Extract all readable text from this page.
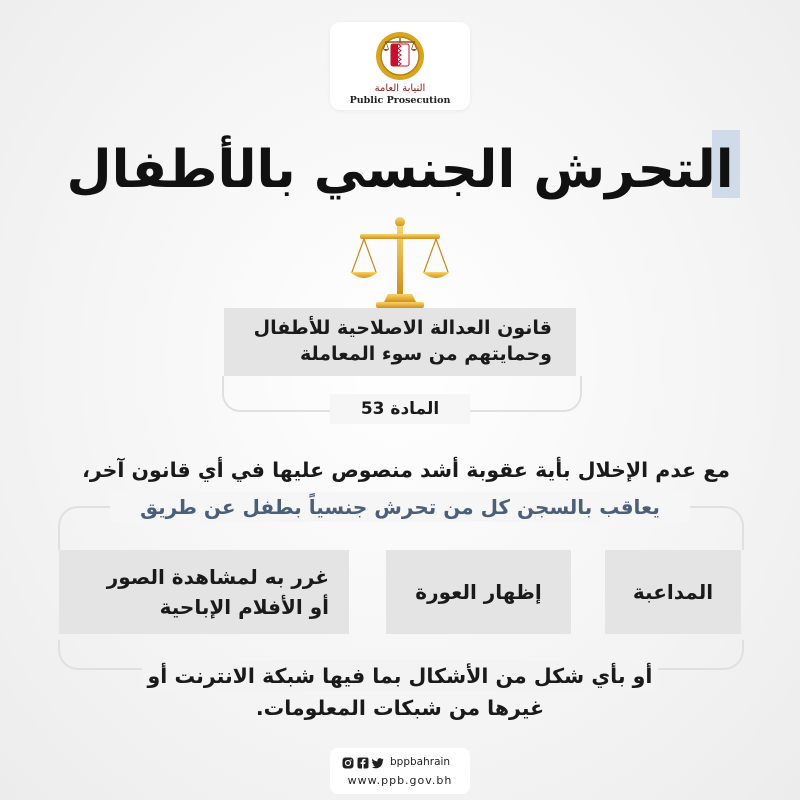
النيابة العامة
Public Prosecution
التحرش الجنسي بالأطفال
قانون العدالة الاصلاحية للأطفال
وحمايتهم من سوء المعاملة
المادة 53
مع عدم الإخلال بأية عقوبة أشد منصوص عليها في أي قانون آخر،
يعاقب بالسجن كل من تحرش جنسياً بطفل عن طريق
المداعبة
إظهار العورة
غرر به لمشاهدة الصور
أو الأفلام الإباحية
أو بأي شكل من الأشكال بما فيها شبكة الانترنت أو
غيرها من شبكات المعلومات.
bppbahrain
www.ppb.gov.bh
